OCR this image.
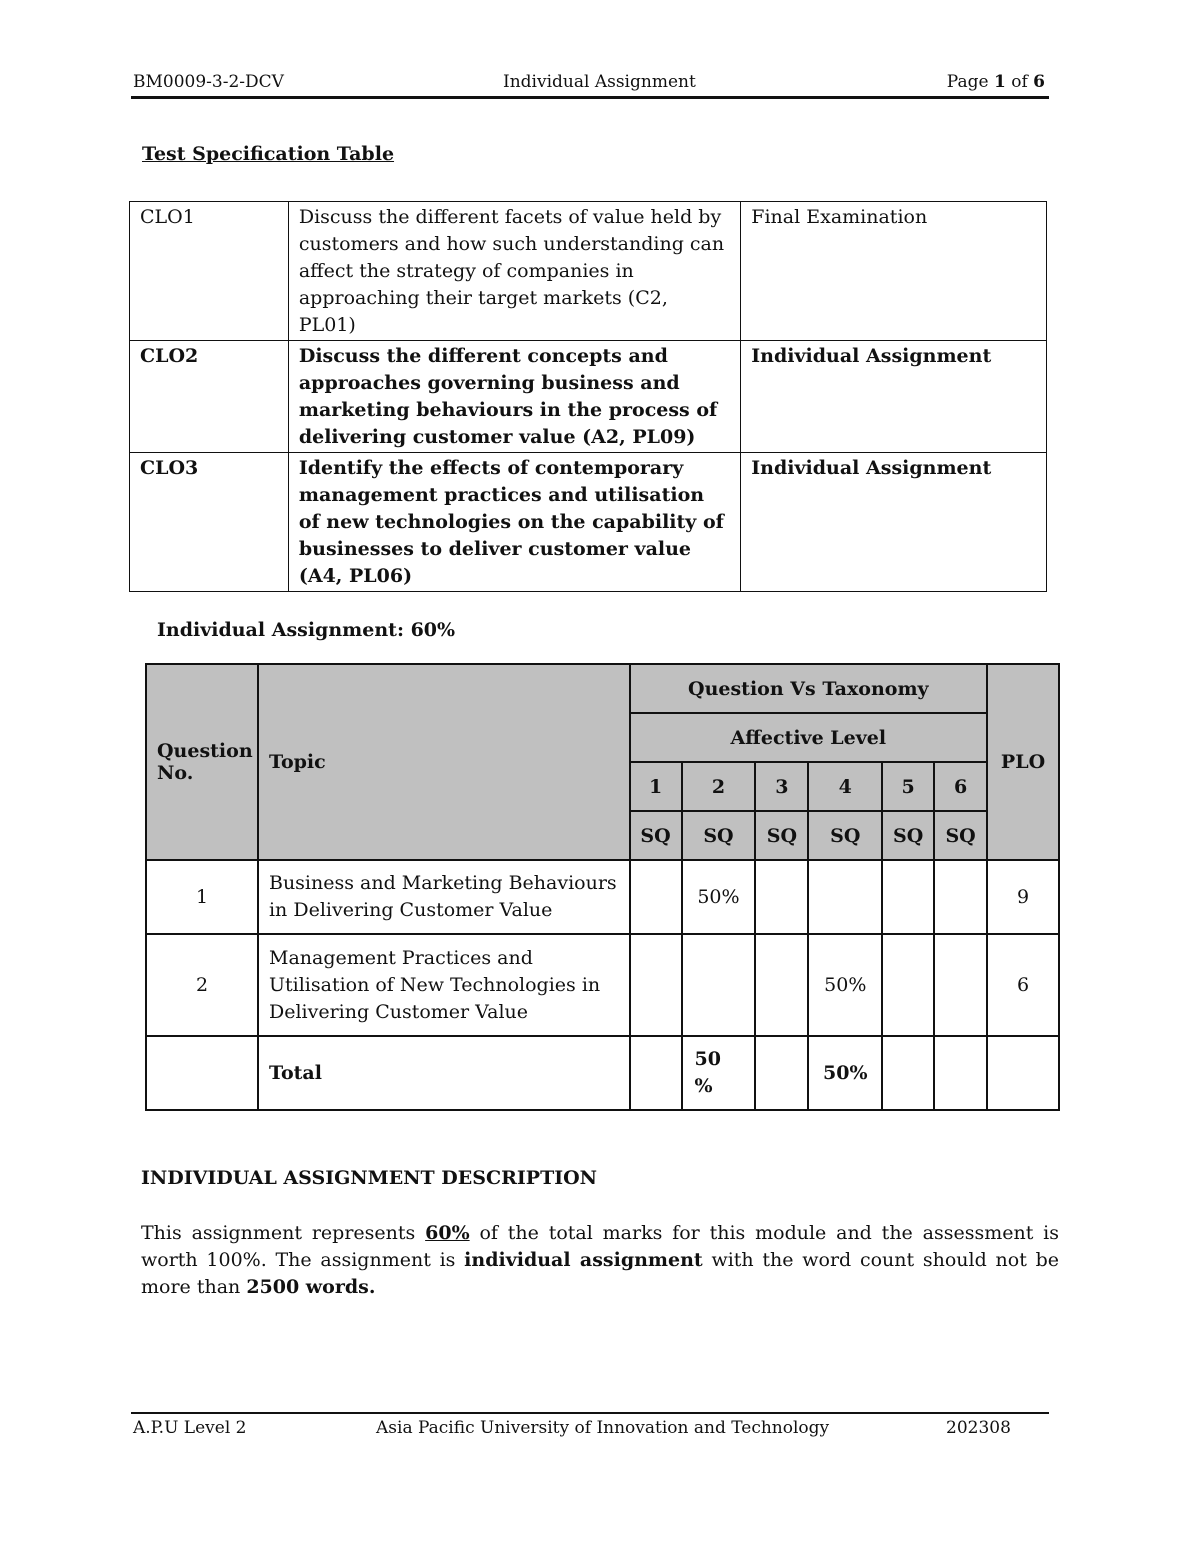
BM0009-3-2-DCV	Individual Assignment	Page 1 of 6
Test Specification Table
CLO1	Discuss the different facets of value held by customers and how such understanding can affect the strategy of companies in approaching their target markets (C2, PL01)	Final Examination
CLO2	Discuss the different concepts and approaches governing business and marketing behaviours in the process of delivering customer value (A2, PL09)	Individual Assignment
CLO3	Identify the effects of contemporary management practices and utilisation of new technologies on the capability of businesses to deliver customer value (A4, PL06)	Individual Assignment
Individual Assignment: 60%
Question No.	Topic	Question Vs Taxonomy						PLO
		Affective Level						
		1	2	3	4	5	6	
		SQ	SQ	SQ	SQ	SQ	SQ	
1	Business and Marketing Behaviours in Delivering Customer Value		50%					9
2	Management Practices and Utilisation of New Technologies in Delivering Customer Value				50%			6
	Total		50 %		50%			
INDIVIDUAL ASSIGNMENT DESCRIPTION
This assignment represents 60% of the total marks for this module and the assessment is worth 100%. The assignment is individual assignment with the word count should not be more than 2500 words.
A.P.U Level 2	Asia Pacific University of Innovation and Technology	202308
